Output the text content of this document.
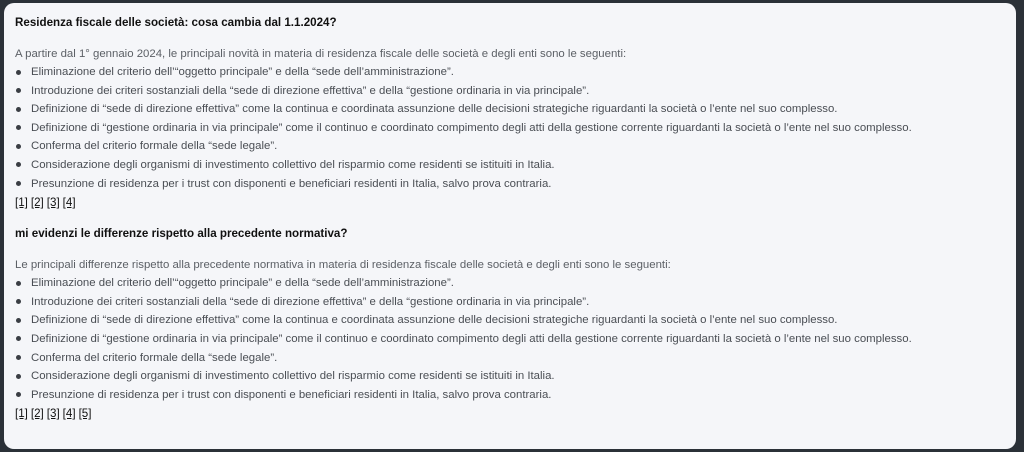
Residenza fiscale delle società: cosa cambia dal 1.1.2024?

A partire dal 1° gennaio 2024, le principali novità in materia di residenza fiscale delle società e degli enti sono le seguenti:

Eliminazione del criterio dell’“oggetto principale” e della “sede dell’amministrazione”.
Introduzione dei criteri sostanziali della “sede di direzione effettiva” e della “gestione ordinaria in via principale”.
Definizione di “sede di direzione effettiva” come la continua e coordinata assunzione delle decisioni strategiche riguardanti la società o l’ente nel suo complesso.
Definizione di “gestione ordinaria in via principale” come il continuo e coordinato compimento degli atti della gestione corrente riguardanti la società o l’ente nel suo complesso.
Conferma del criterio formale della “sede legale”.
Considerazione degli organismi di investimento collettivo del risparmio come residenti se istituiti in Italia.
Presunzione di residenza per i trust con disponenti e beneficiari residenti in Italia, salvo prova contraria.
[1] [2] [3] [4]
mi evidenzi le differenze rispetto alla precedente normativa?

Le principali differenze rispetto alla precedente normativa in materia di residenza fiscale delle società e degli enti sono le seguenti:

Eliminazione del criterio dell’“oggetto principale” e della “sede dell’amministrazione”.
Introduzione dei criteri sostanziali della “sede di direzione effettiva” e della “gestione ordinaria in via principale”.
Definizione di “sede di direzione effettiva” come la continua e coordinata assunzione delle decisioni strategiche riguardanti la società o l’ente nel suo complesso.
Definizione di “gestione ordinaria in via principale” come il continuo e coordinato compimento degli atti della gestione corrente riguardanti la società o l’ente nel suo complesso.
Conferma del criterio formale della “sede legale”.
Considerazione degli organismi di investimento collettivo del risparmio come residenti se istituiti in Italia.
Presunzione di residenza per i trust con disponenti e beneficiari residenti in Italia, salvo prova contraria.
[1] [2] [3] [4] [5]
